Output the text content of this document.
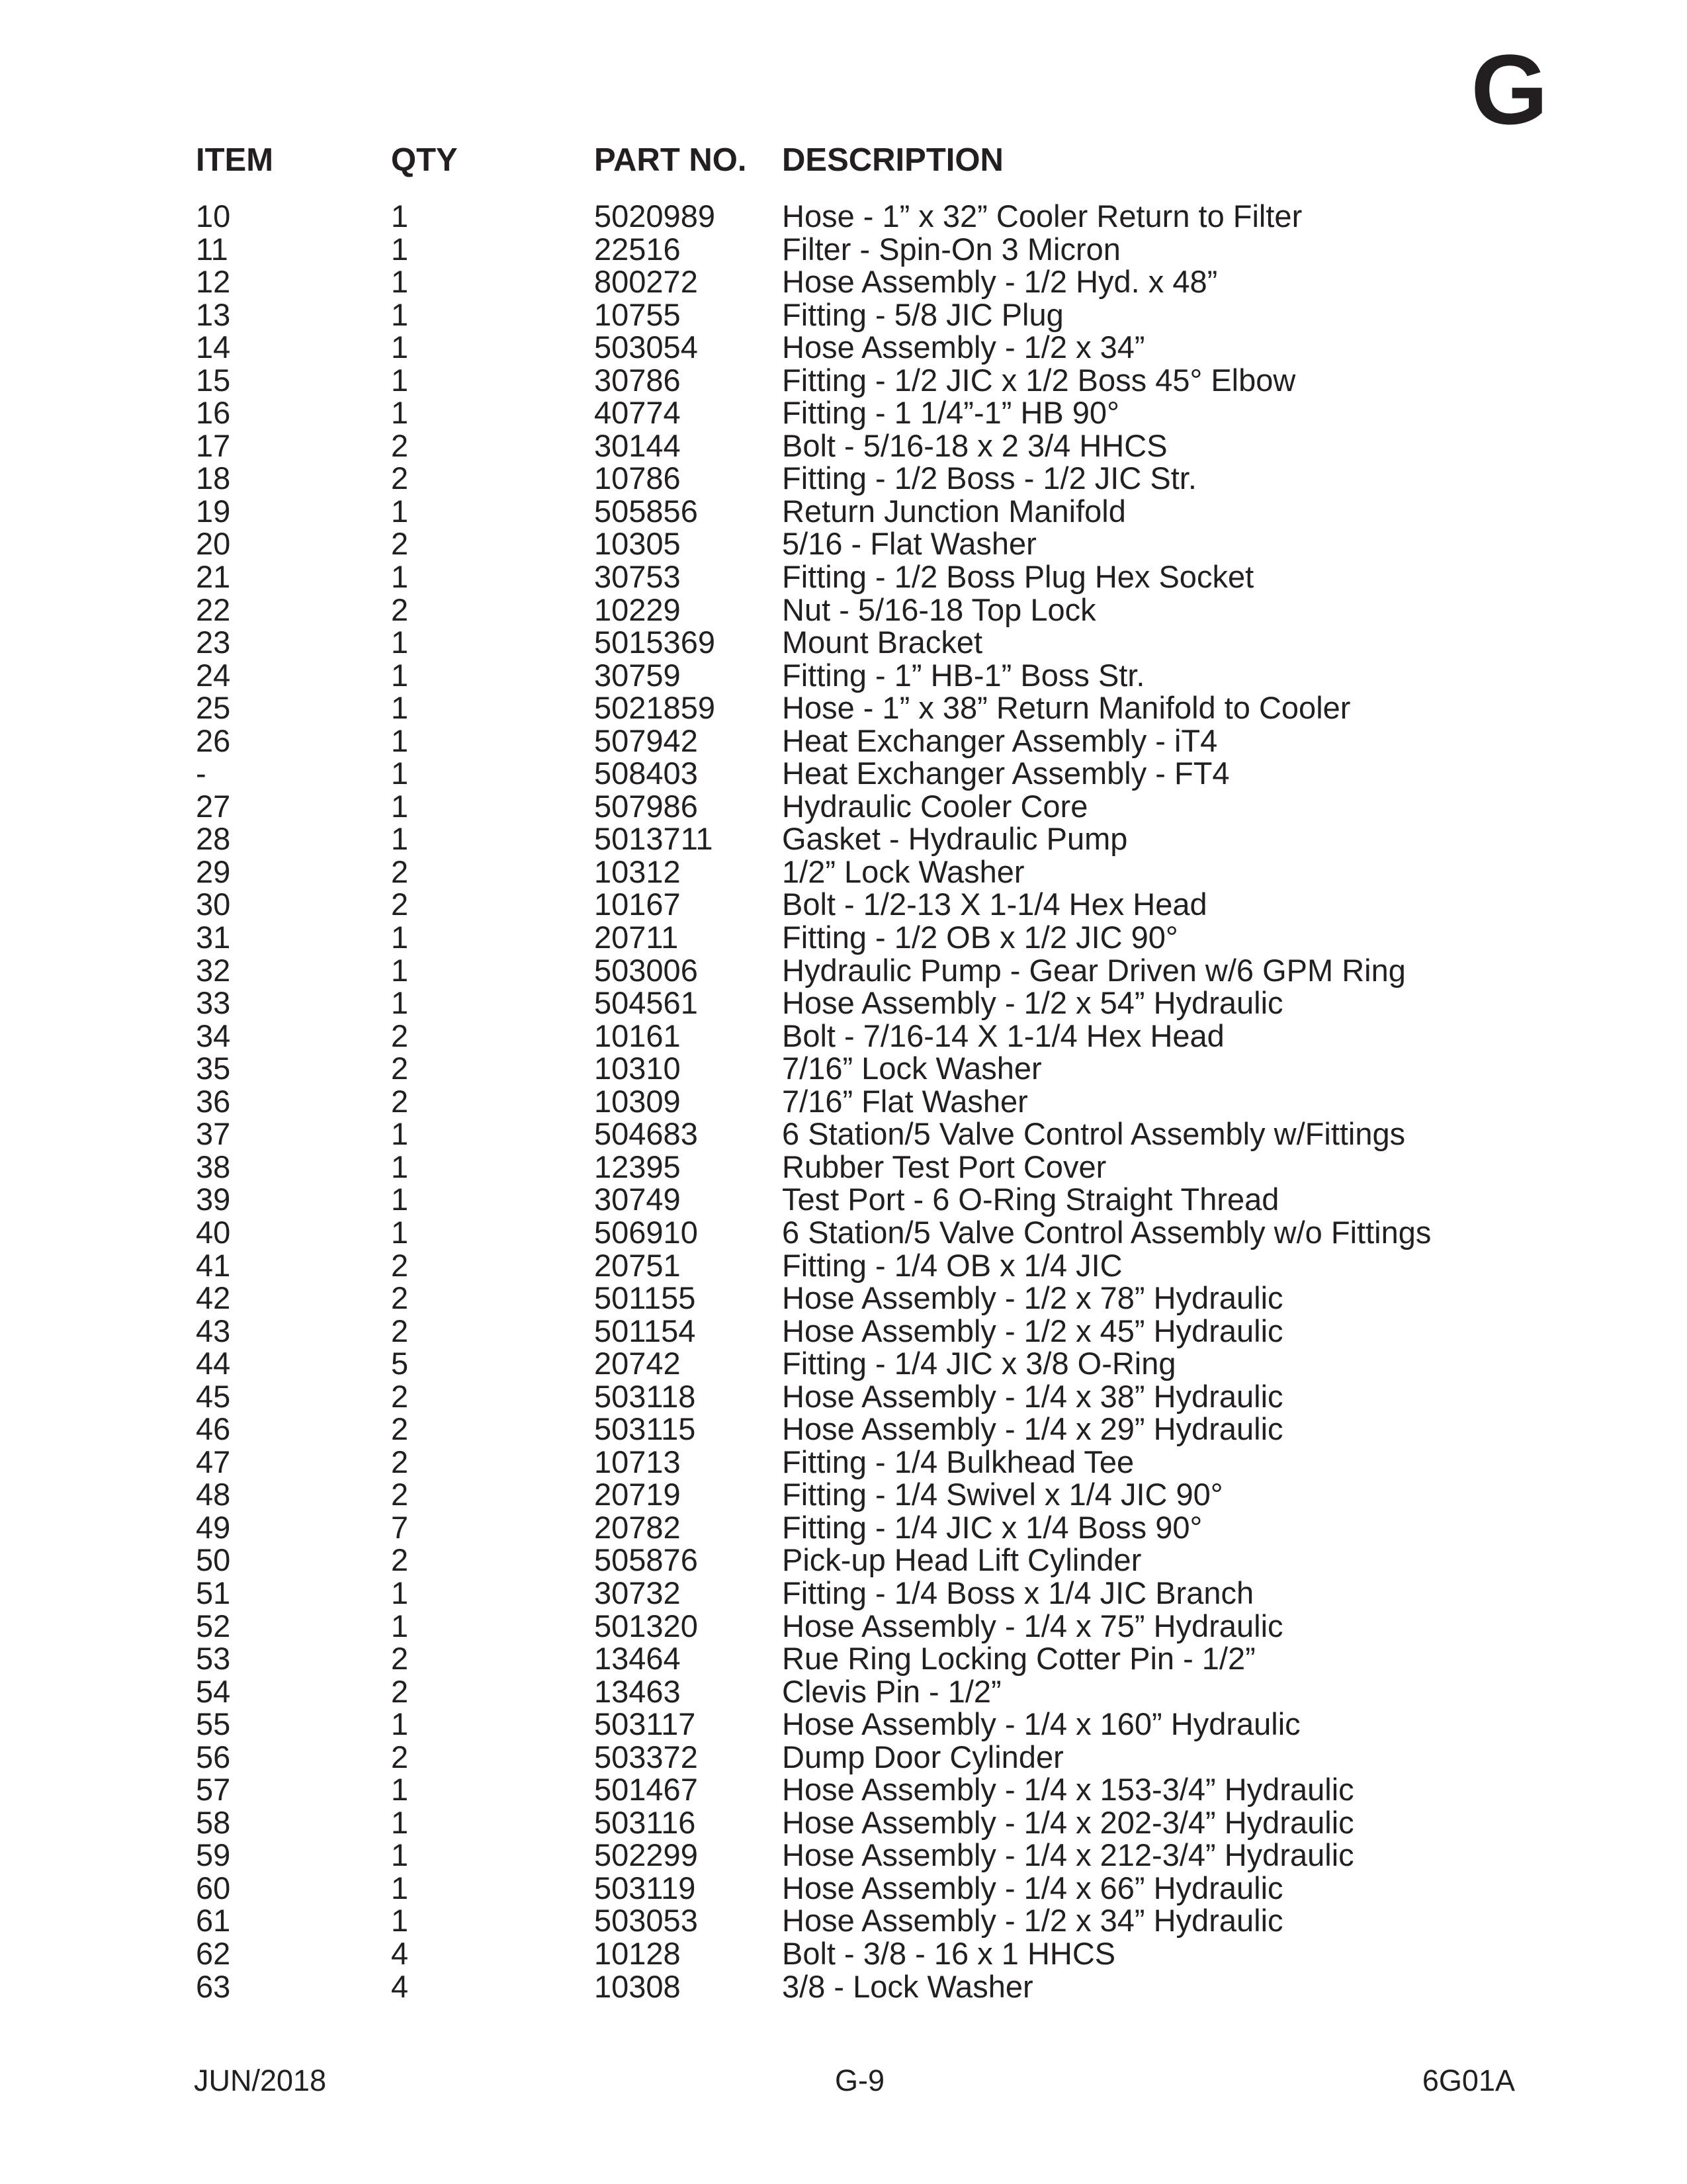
G
ITEM	QTY	PART NO. DESCRIPTION
10	1	5020989 Hose - 1” x 32” Cooler Return to Filter
11	1	22516	Filter - Spin-On 3 Micron
12	1	800272	Hose Assembly - 1/2 Hyd. x 48”
13	1	10755	Fitting - 5/8 JIC Plug
14	1	503054	Hose Assembly - 1/2 x 34”
15	1	30786	Fitting - 1/2 JIC x 1/2 Boss 45° Elbow
16	1	40774	Fitting - 1 1/4”-1” HB 90°
17	2	30144	Bolt - 5/16-18 x 2 3/4 HHCS
18	2	10786	Fitting - 1/2 Boss - 1/2 JIC Str.
19	1	505856	Return Junction Manifold
20	2	10305	5/16 - Flat Washer
21	1	30753	Fitting - 1/2 Boss Plug Hex Socket
22	2	10229	Nut - 5/16-18 Top Lock
23	1	5015369 Mount Bracket
24	1	30759	Fitting - 1” HB-1” Boss Str.
25	1	5021859 Hose - 1” x 38” Return Manifold to Cooler
26	1	507942	Heat Exchanger Assembly - iT4
-	1	508403	Heat Exchanger Assembly - FT4
27	1	507986	Hydraulic Cooler Core
28	1	5013711 Gasket - Hydraulic Pump
29	2	10312	1/2” Lock Washer
30	2	10167	Bolt - 1/2-13 X 1-1/4 Hex Head
31	1	20711	Fitting - 1/2 OB x 1/2 JIC 90°
32	1	503006	Hydraulic Pump - Gear Driven w/6 GPM Ring
33	1	504561	Hose Assembly - 1/2 x 54” Hydraulic
34	2	10161	Bolt - 7/16-14 X 1-1/4 Hex Head
35	2	10310	7/16” Lock Washer
36	2	10309	7/16” Flat Washer
37	1	504683	6 Station/5 Valve Control Assembly w/Fittings
38	1	12395	Rubber Test Port Cover
39	1	30749	Test Port - 6 O-Ring Straight Thread
40	1	506910	6 Station/5 Valve Control Assembly w/o Fittings
41	2	20751	Fitting - 1/4 OB x 1/4 JIC
42	2	501155	Hose Assembly - 1/2 x 78” Hydraulic
43	2	501154	Hose Assembly - 1/2 x 45” Hydraulic
44	5	20742	Fitting - 1/4 JIC x 3/8 O-Ring
45	2	503118	Hose Assembly - 1/4 x 38” Hydraulic
46	2	503115	Hose Assembly - 1/4 x 29” Hydraulic
47	2	10713	Fitting - 1/4 Bulkhead Tee
48	2	20719	Fitting - 1/4 Swivel x 1/4 JIC 90°
49	7	20782	Fitting - 1/4 JIC x 1/4 Boss 90°
50	2	505876	Pick-up Head Lift Cylinder
51	1	30732	Fitting - 1/4 Boss x 1/4 JIC Branch
52	1	501320	Hose Assembly - 1/4 x 75” Hydraulic
53	2	13464	Rue Ring Locking Cotter Pin - 1/2”
54	2	13463	Clevis Pin - 1/2”
55	1	503117	Hose Assembly - 1/4 x 160” Hydraulic
56	2	503372	Dump Door Cylinder
57	1	501467	Hose Assembly - 1/4 x 153-3/4” Hydraulic
58	1	503116	Hose Assembly - 1/4 x 202-3/4” Hydraulic
59	1	502299	Hose Assembly - 1/4 x 212-3/4” Hydraulic
60	1	503119	Hose Assembly - 1/4 x 66” Hydraulic
61	1	503053	Hose Assembly - 1/2 x 34” Hydraulic
62	4	10128	Bolt - 3/8 - 16 x 1 HHCS
63	4	10308	3/8 - Lock Washer
JUN/2018	G-9	6G01A
